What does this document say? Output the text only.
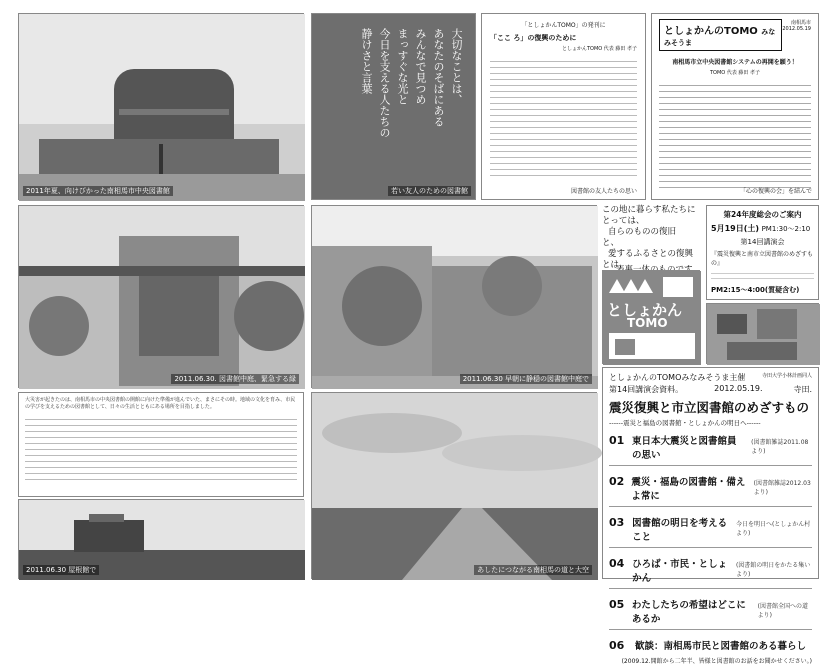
2011年夏、向けびかった南相馬市中央図書館
大切なことは、
あなたのそばにある
みんなで見つめ
まっすぐな光と
今日を支える人たちの
静けさと言葉
若い友人のための図書館
「としょかんTOMO」の発刊に
「ここ ろ」の復興のために
としょかんTOMO 代表 藤田 孝子
図書館の友人たちの思い
としょかんのTOMO みなみそうま
南相馬市
2012.05.19
南相馬市立中央図書館システムの再開を願う！
TOMO 代表 藤田 孝子
「心の復興の会」を結んで
2011.06.30. 図書館中庭、緊急する緑	2011.06.30 早朝に静穏の図書館中庭で
この地に暮らす私たちにとっては、
自らのものの復旧
と、
愛するふるさとの復興
とは、
第24年度総会のご案内
5月19日(土) PM1:30〜2:10
第14回講演会
『震災復興と南市立図書館のめざすもの』
PM2:15〜4:00(質疑含む)
としょかん
TOMO
大災害が起きたのは、南相馬市の中央図書館の開館に向けた準備が進んでいた、まさにその時。地域の文化を育み、市民の学びを支えるための図書館として、日々の生活とともにある場所を目指しました。
2011.06.30 屋根館で	あしたにつながる南相馬の道と大空
としょかんのTOMOみなみそうま主催	寺田大学小林計画同人
第14回講演会資料。	2012.05.19.	寺田.
震災復興と市立図書館のめざすもの
------震災と福島の図書館・としょかんの明日へ------
01 東日本大震災と図書館員の思い
(図書館雑誌2011.08より)
02 震災・福島の図書館・備えよ常に
(図書館雑誌2012.03より)
03 図書館の明日を考えること
今日を明日へ(としょかん村より)
04 ひろば・市民・としょかん
(図書館の明日をかたる集いより)
05 わたしたちの希望はどこにあるか
(図書館全国への道より)
06	歓談：南相馬市民と図書館のある暮らし
(2009.12.開館から二年半、皆様と図書館のお話をお聞かせください。)
